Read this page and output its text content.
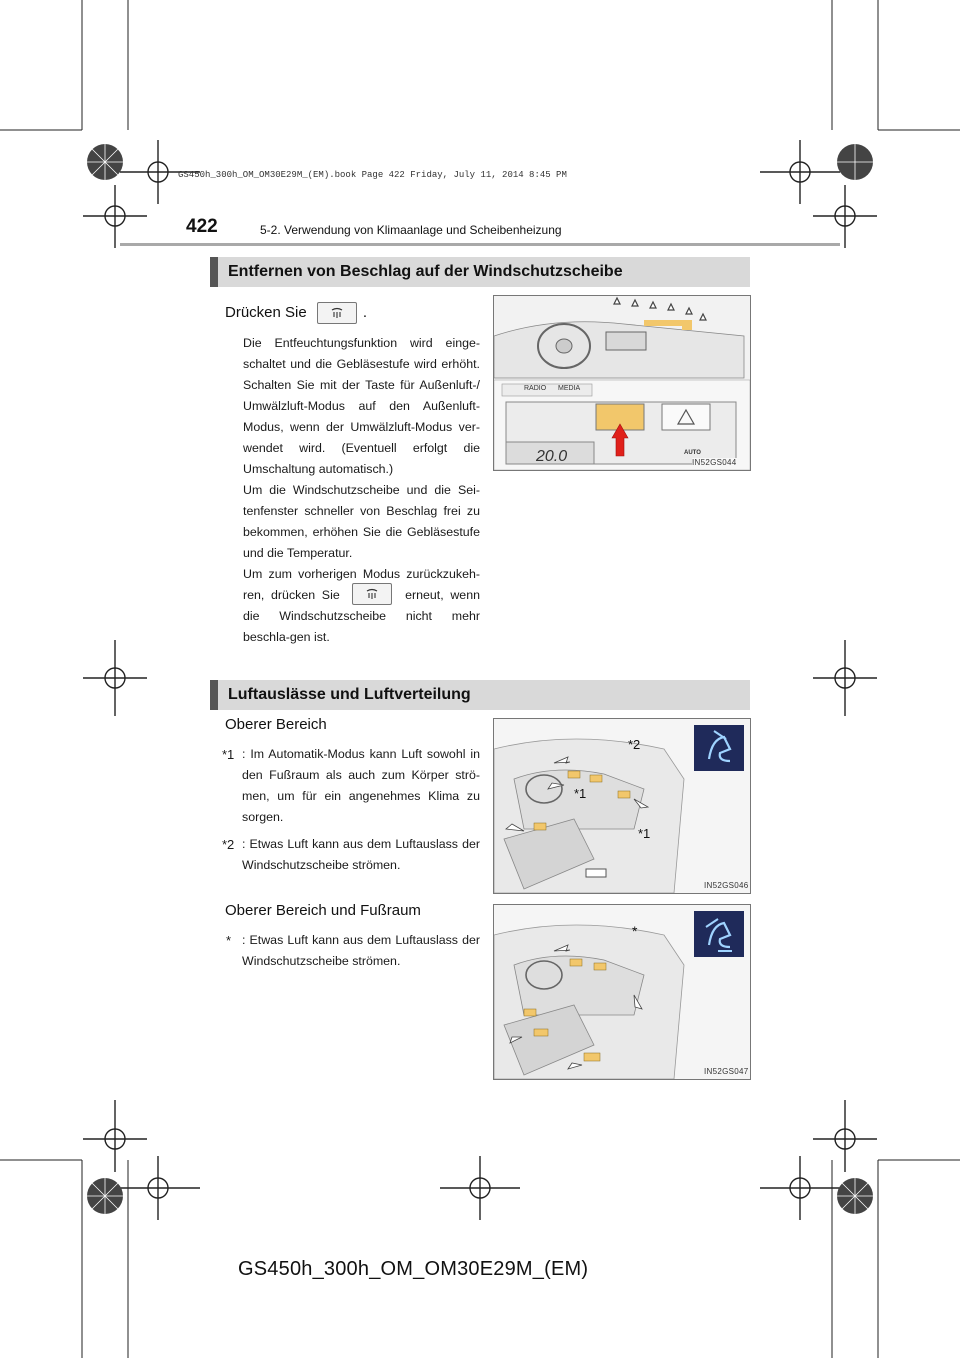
GS450h_300h_OM_OM30E29M_(EM).book Page 422 Friday, July 11, 2014 8:45 PM
422	5-2. Verwendung von Klimaanlage und Scheibenheizung
Entfernen von Beschlag auf der Windschutzscheibe
Drücken Sie	.

Die Entfeuchtungsfunktion wird einge-schaltet und die Gebläsestufe wird erhöht. Schalten Sie mit der Taste für Außenluft-/ Umwälzluft-Modus auf den Außenluft-Modus, wenn der Umwälzluft-Modus ver-wendet wird. (Eventuell erfolgt die Umschaltung automatisch.)

Um die Windschutzscheibe und die Sei-tenfenster schneller von Beschlag frei zu bekommen, erhöhen Sie die Gebläsestufe und die Temperatur.

Um zum vorherigen Modus zurückzukeh-ren, drücken Sie	erneut, wenn die Windschutzscheibe nicht mehr beschla-gen ist.

RADIO MEDIA
20.0	AUTO
IN52GS044
Luftauslässe und Luftverteilung
Oberer Bereich
*1 : Im Automatik-Modus kann Luft sowohl in den Fußraum als auch zum Körper strö-men, um für ein angenehmes Klima zu sorgen.
*2 : Etwas Luft kann aus dem Luftauslass der Windschutzscheibe strömen.
*2
*1
*1
IN52GS046
Oberer Bereich und Fußraum
* : Etwas Luft kann aus dem Luftauslass der Windschutzscheibe strömen.
*
IN52GS047
GS450h_300h_OM_OM30E29M_(EM)
